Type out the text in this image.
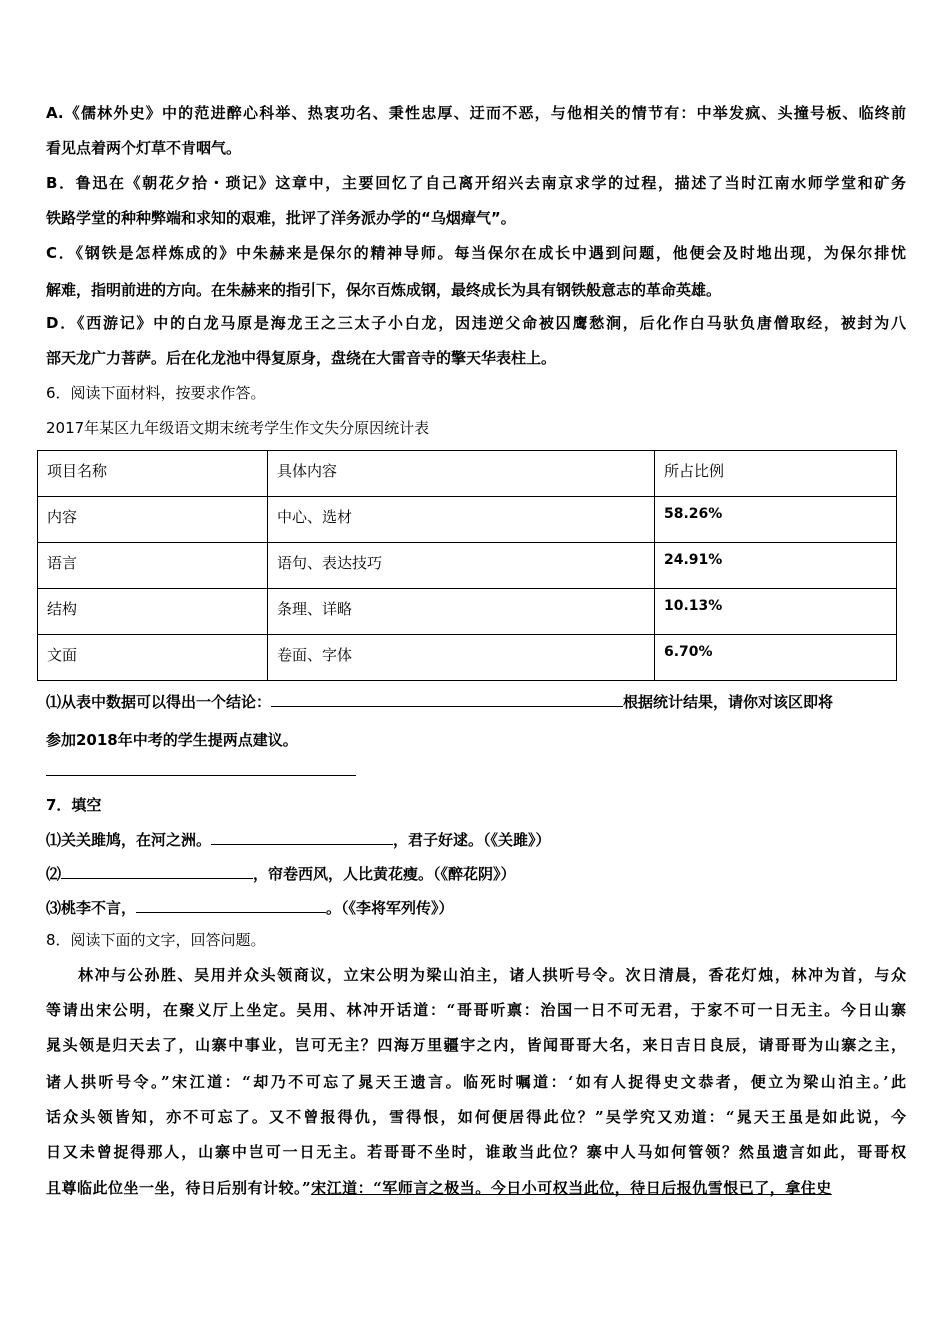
A.《儒林外史》中的范进醉心科举、热衷功名、秉性忠厚、迂而不恶，与他相关的情节有：中举发疯、头撞号板、临终前
看见点着两个灯草不肯咽气。
B．鲁迅在《朝花夕拾・琐记》这章中，主要回忆了自己离开绍兴去南京求学的过程，描述了当时江南水师学堂和矿务
铁路学堂的种种弊端和求知的艰难，批评了洋务派办学的“乌烟瘴气”。
C．《钢铁是怎样炼成的》中朱赫来是保尔的精神导师。每当保尔在成长中遇到问题，他便会及时地出现，为保尔排忧
解难，指明前进的方向。在朱赫来的指引下，保尔百炼成钢，最终成长为具有钢铁般意志的革命英雄。
D．《西游记》中的白龙马原是海龙王之三太子小白龙，因违逆父命被囚鹰愁涧，后化作白马驮负唐僧取经，被封为八
部天龙广力菩萨。后在化龙池中得复原身，盘绕在大雷音寺的擎天华表柱上。
6．阅读下面材料，按要求作答。
2017年某区九年级语文期末统考学生作文失分原因统计表
项目名称	具体内容	所占比例
内容	中心、选材	58.26%
语言	语句、表达技巧	24.91%
结构	条理、详略	10.13%
文面	卷面、字体	6.70%
⑴从表中数据可以得出一个结论：	根据统计结果，请你对该区即将
参加2018年中考的学生提两点建议。
7．填空
⑴关关雎鸠，在河之洲。	，君子好逑。（《关雎》）
⑵	，帘卷西风，人比黄花瘦。（《醉花阴》）
⑶桃李不言，	。（《李将军列传》）
8．阅读下面的文字，回答问题。
林冲与公孙胜、吴用并众头领商议，立宋公明为梁山泊主，诸人拱听号令。次日清晨，香花灯烛，林冲为首，与众
等请出宋公明，在聚义厅上坐定。吴用、林冲开话道：“哥哥听禀：治国一日不可无君，于家不可一日无主。今日山寨
晁头领是归天去了，山寨中事业，岂可无主？四海万里疆宇之内，皆闻哥哥大名，来日吉日良辰，请哥哥为山寨之主，
诸人拱听号令。”宋江道：“却乃不可忘了晁天王遗言。临死时嘱道：‘如有人捉得史文恭者，便立为梁山泊主。’此
话众头领皆知，亦不可忘了。又不曾报得仇，雪得恨，如何便居得此位？”吴学究又劝道：“晁天王虽是如此说，今
日又未曾捉得那人，山寨中岂可一日无主。若哥哥不坐时，谁敢当此位？寨中人马如何管领？然虽遗言如此，哥哥权
且尊临此位坐一坐，待日后别有计较。”宋江道：“军师言之极当。今日小可权当此位，待日后报仇雪恨已了，拿住史
